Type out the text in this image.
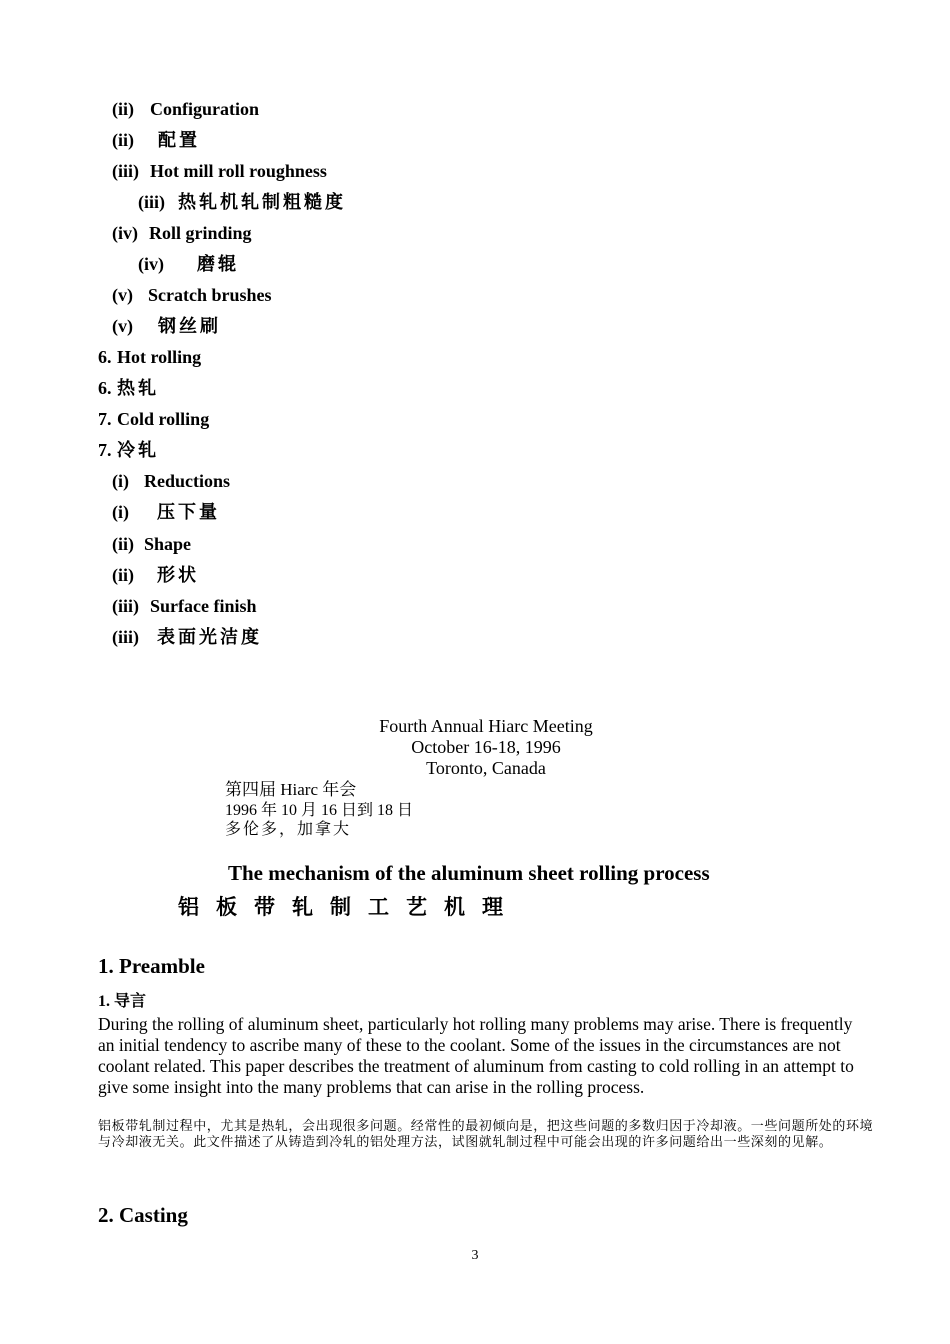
(ii) Configuration
(ii) 配置
(iii) Hot mill roll roughness
(iii) 热轧机轧制粗糙度
(iv) Roll grinding
(iv) 磨辊
(v) Scratch brushes
(v) 钢丝刷
6. Hot rolling
6. 热轧
7. Cold rolling
7. 冷轧
(i) Reductions
(i) 压下量
(ii) Shape
(ii) 形状
(iii) Surface finish
(iii) 表面光洁度
Fourth Annual Hiarc Meeting
October 16-18, 1996
Toronto, Canada
第四届 Hiarc 年会
1996 年 10 月 16 日到 18 日
多伦多，加拿大
The mechanism of the aluminum sheet rolling process
铝板带轧制工艺机理
1. Preamble
1. 导言
During the rolling of aluminum sheet, particularly hot rolling many problems may arise. There is frequently an initial tendency to ascribe many of these to the coolant. Some of the issues in the circumstances are not coolant related. This paper describes the treatment of aluminum from casting to cold rolling in an attempt to give some insight into the many problems that can arise in the rolling process.
铝板带轧制过程中，尤其是热轧，会出现很多问题。经常性的最初倾向是，把这些问题的多数归因于冷却液。一些问题所处的环境与冷却液无关。此文件描述了从铸造到冷轧的铝处理方法，试图就轧制过程中可能会出现的许多问题给出一些深刻的见解。
2. Casting
3
